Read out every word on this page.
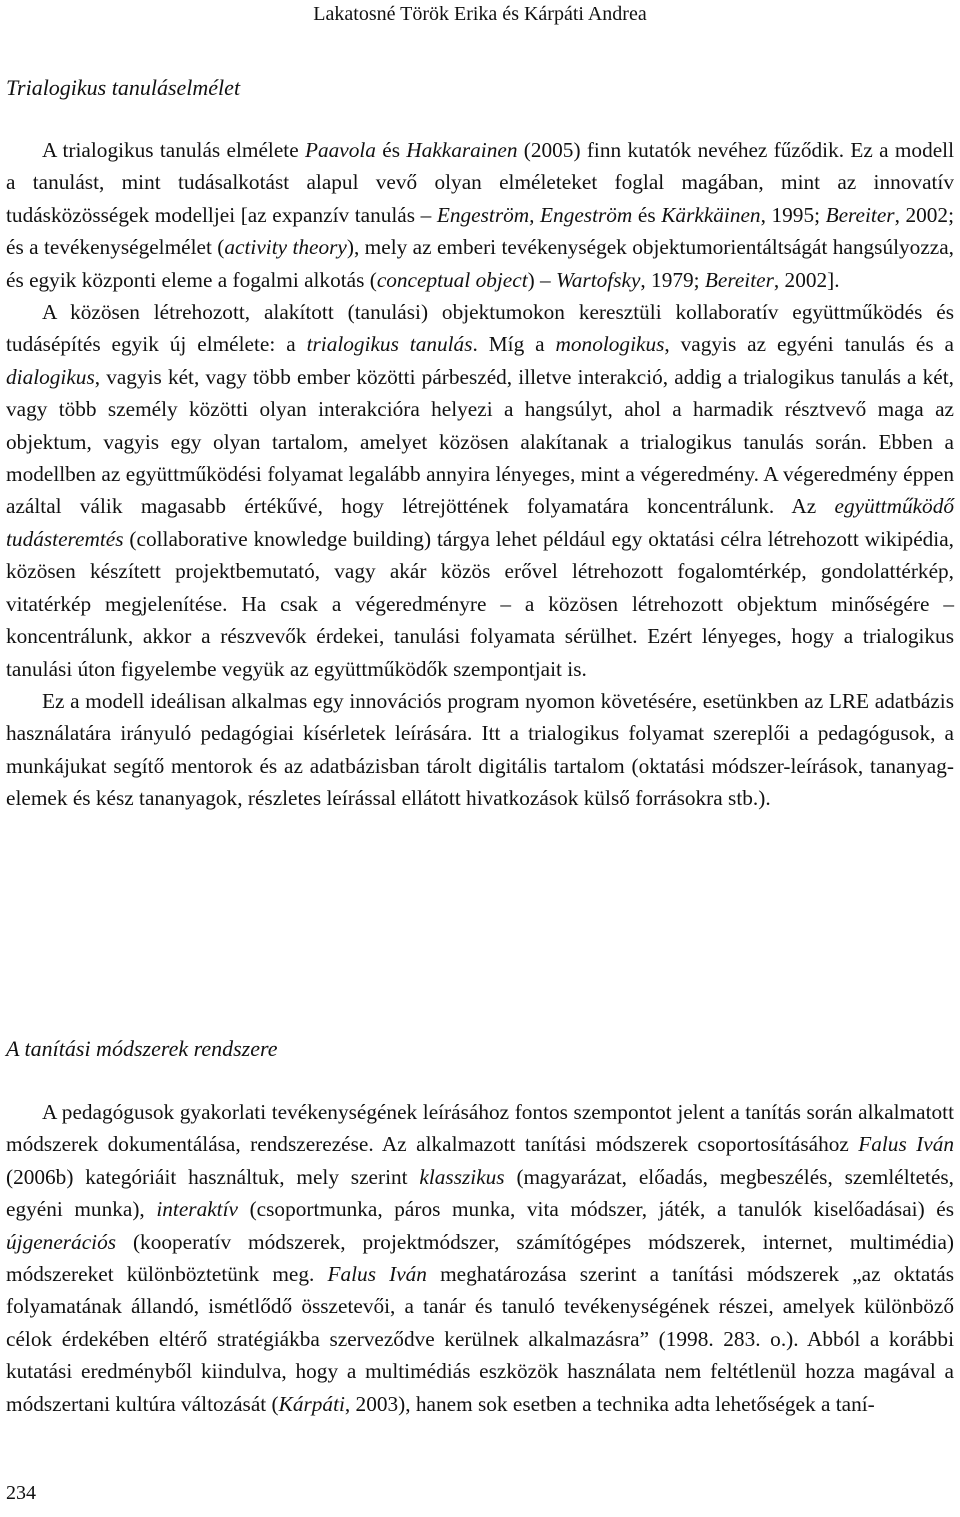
Lakatosné Török Erika és Kárpáti Andrea
Trialogikus tanuláselmélet

A trialogikus tanulás elmélete Paavola és Hakkarainen (2005) finn kutatók nevéhez fűződik. Ez a modell a tanulást, mint tudásalkotást alapul vevő olyan elméleteket foglal magában, mint az innovatív tudásközösségek modelljei [az expanzív tanulás – Engeström, Engeström és Kärkkäinen, 1995; Bereiter, 2002; és a tevékenységelmélet (activity theory), mely az emberi tevékenységek objektumorientáltságát hangsúlyozza, és egyik központi eleme a fogalmi alkotás (conceptual object) – Wartofsky, 1979; Bereiter, 2002].

A közösen létrehozott, alakított (tanulási) objektumokon keresztüli kollaboratív együttműködés és tudásépítés egyik új elmélete: a trialogikus tanulás. Míg a monologikus, vagyis az egyéni tanulás és a dialogikus, vagyis két, vagy több ember közötti párbeszéd, illetve interakció, addig a trialogikus tanulás a két, vagy több személy közötti olyan interakcióra helyezi a hangsúlyt, ahol a harmadik résztvevő maga az objektum, vagyis egy olyan tartalom, amelyet közösen alakítanak a trialogikus tanulás során. Ebben a modellben az együttműködési folyamat legalább annyira lényeges, mint a végeredmény. A végeredmény éppen azáltal válik magasabb értékűvé, hogy létrejöttének folyamatára koncentrálunk. Az együttműködő tudásteremtés (collaborative knowledge building) tárgya lehet például egy oktatási célra létrehozott wikipédia, közösen készített projektbemutató, vagy akár közös erővel létrehozott fogalomtérkép, gondolattérkép, vitatérkép megjelenítése. Ha csak a végeredményre – a közösen létrehozott objektum minőségére – koncentrálunk, akkor a részvevők érdekei, tanulási folyamata sérülhet. Ezért lényeges, hogy a trialogikus tanulási úton figyelembe vegyük az együttműködők szempontjait is.

Ez a modell ideálisan alkalmas egy innovációs program nyomon követésére, esetünkben az LRE adatbázis használatára irányuló pedagógiai kísérletek leírására. Itt a trialogikus folyamat szereplői a pedagógusok, a munkájukat segítő mentorok és az adatbázisban tárolt digitális tartalom (oktatási módszer-leírások, tananyag-elemek és kész tananyagok, részletes leírással ellátott hivatkozások külső forrásokra stb.).

A tanítási módszerek rendszere

A pedagógusok gyakorlati tevékenységének leírásához fontos szempontot jelent a tanítás során alkalmatott módszerek dokumentálása, rendszerezése. Az alkalmazott tanítási módszerek csoportosításához Falus Iván (2006b) kategóriáit használtuk, mely szerint klasszikus (magyarázat, előadás, megbeszélés, szemléltetés, egyéni munka), interaktív (csoportmunka, páros munka, vita módszer, játék, a tanulók kiselőadásai) és újgenerációs (kooperatív módszerek, projektmódszer, számítógépes módszerek, internet, multimédia) módszereket különböztetünk meg. Falus Iván meghatározása szerint a tanítási módszerek „az oktatás folyamatának állandó, ismétlődő összetevői, a tanár és tanuló tevékenységének részei, amelyek különböző célok érdekében eltérő stratégiákba szerveződve kerülnek alkalmazásra” (1998. 283. o.). Abból a korábbi kutatási eredményből kiindulva, hogy a multimédiás eszközök használata nem feltétlenül hozza magával a módszertani kultúra változását (Kárpáti, 2003), hanem sok esetben a technika adta lehetőségek a taní-

234
